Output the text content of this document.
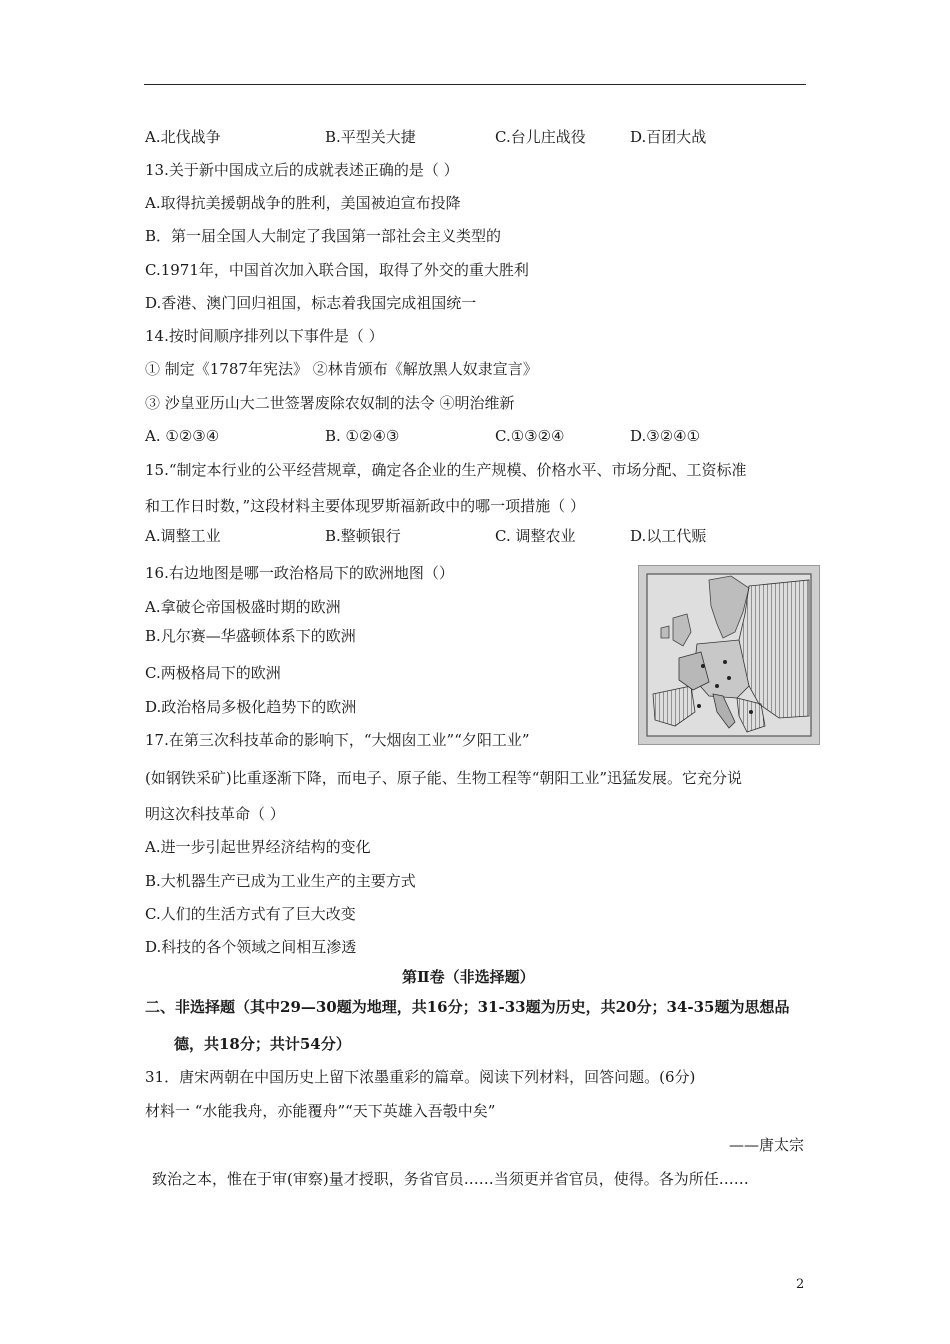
A.北伐战争	B.平型关大捷	C.台儿庄战役	D.百团大战
13.关于新中国成立后的成就表述正确的是（ ）
A.取得抗美援朝战争的胜利，美国被迫宣布投降
B．第一届全国人大制定了我国第一部社会主义类型的
C.1971年，中国首次加入联合国，取得了外交的重大胜利
D.香港、澳门回归祖国，标志着我国完成祖国统一
14.按时间顺序排列以下事件是（ ）
① 制定《1787年宪法》 ②林肯颁布《解放黑人奴隶宣言》
③ 沙皇亚历山大二世签署废除农奴制的法令 ④明治维新
A. ①②③④	B. ①②④③	C.①③②④	D.③②④①
15.“制定本行业的公平经营规章，确定各企业的生产规模、价格水平、市场分配、工资标准
和工作日时数，”这段材料主要体现罗斯福新政中的哪一项措施（ ）
A.调整工业	B.整顿银行	C. 调整农业	D.以工代赈
16.右边地图是哪一政治格局下的欧洲地图（）
A.拿破仑帝国极盛时期的欧洲
B.凡尔赛—华盛顿体系下的欧洲
C.两极格局下的欧洲
D.政治格局多极化趋势下的欧洲
17.在第三次科技革命的影响下，“大烟囱工业”“夕阳工业”
(如钢铁采矿)比重逐渐下降，而电子、原子能、生物工程等“朝阳工业”迅猛发展。它充分说
明这次科技革命（ ）
A.进一步引起世界经济结构的变化
B.大机器生产已成为工业生产的主要方式
C.人们的生活方式有了巨大改变
D.科技的各个领域之间相互渗透
第Ⅱ卷（非选择题）
二、非选择题（其中29—30题为地理，共16分；31-33题为历史，共20分；34-35题为思想品
德，共18分；共计54分）
31．唐宋两朝在中国历史上留下浓墨重彩的篇章。阅读下列材料，回答问题。(6分)
材料一 “水能我舟，亦能覆舟”“天下英雄入吾彀中矣”
——唐太宗
致治之本，惟在于审(审察)量才授职，务省官员……当须更并省官员，使得。各为所任……
2
